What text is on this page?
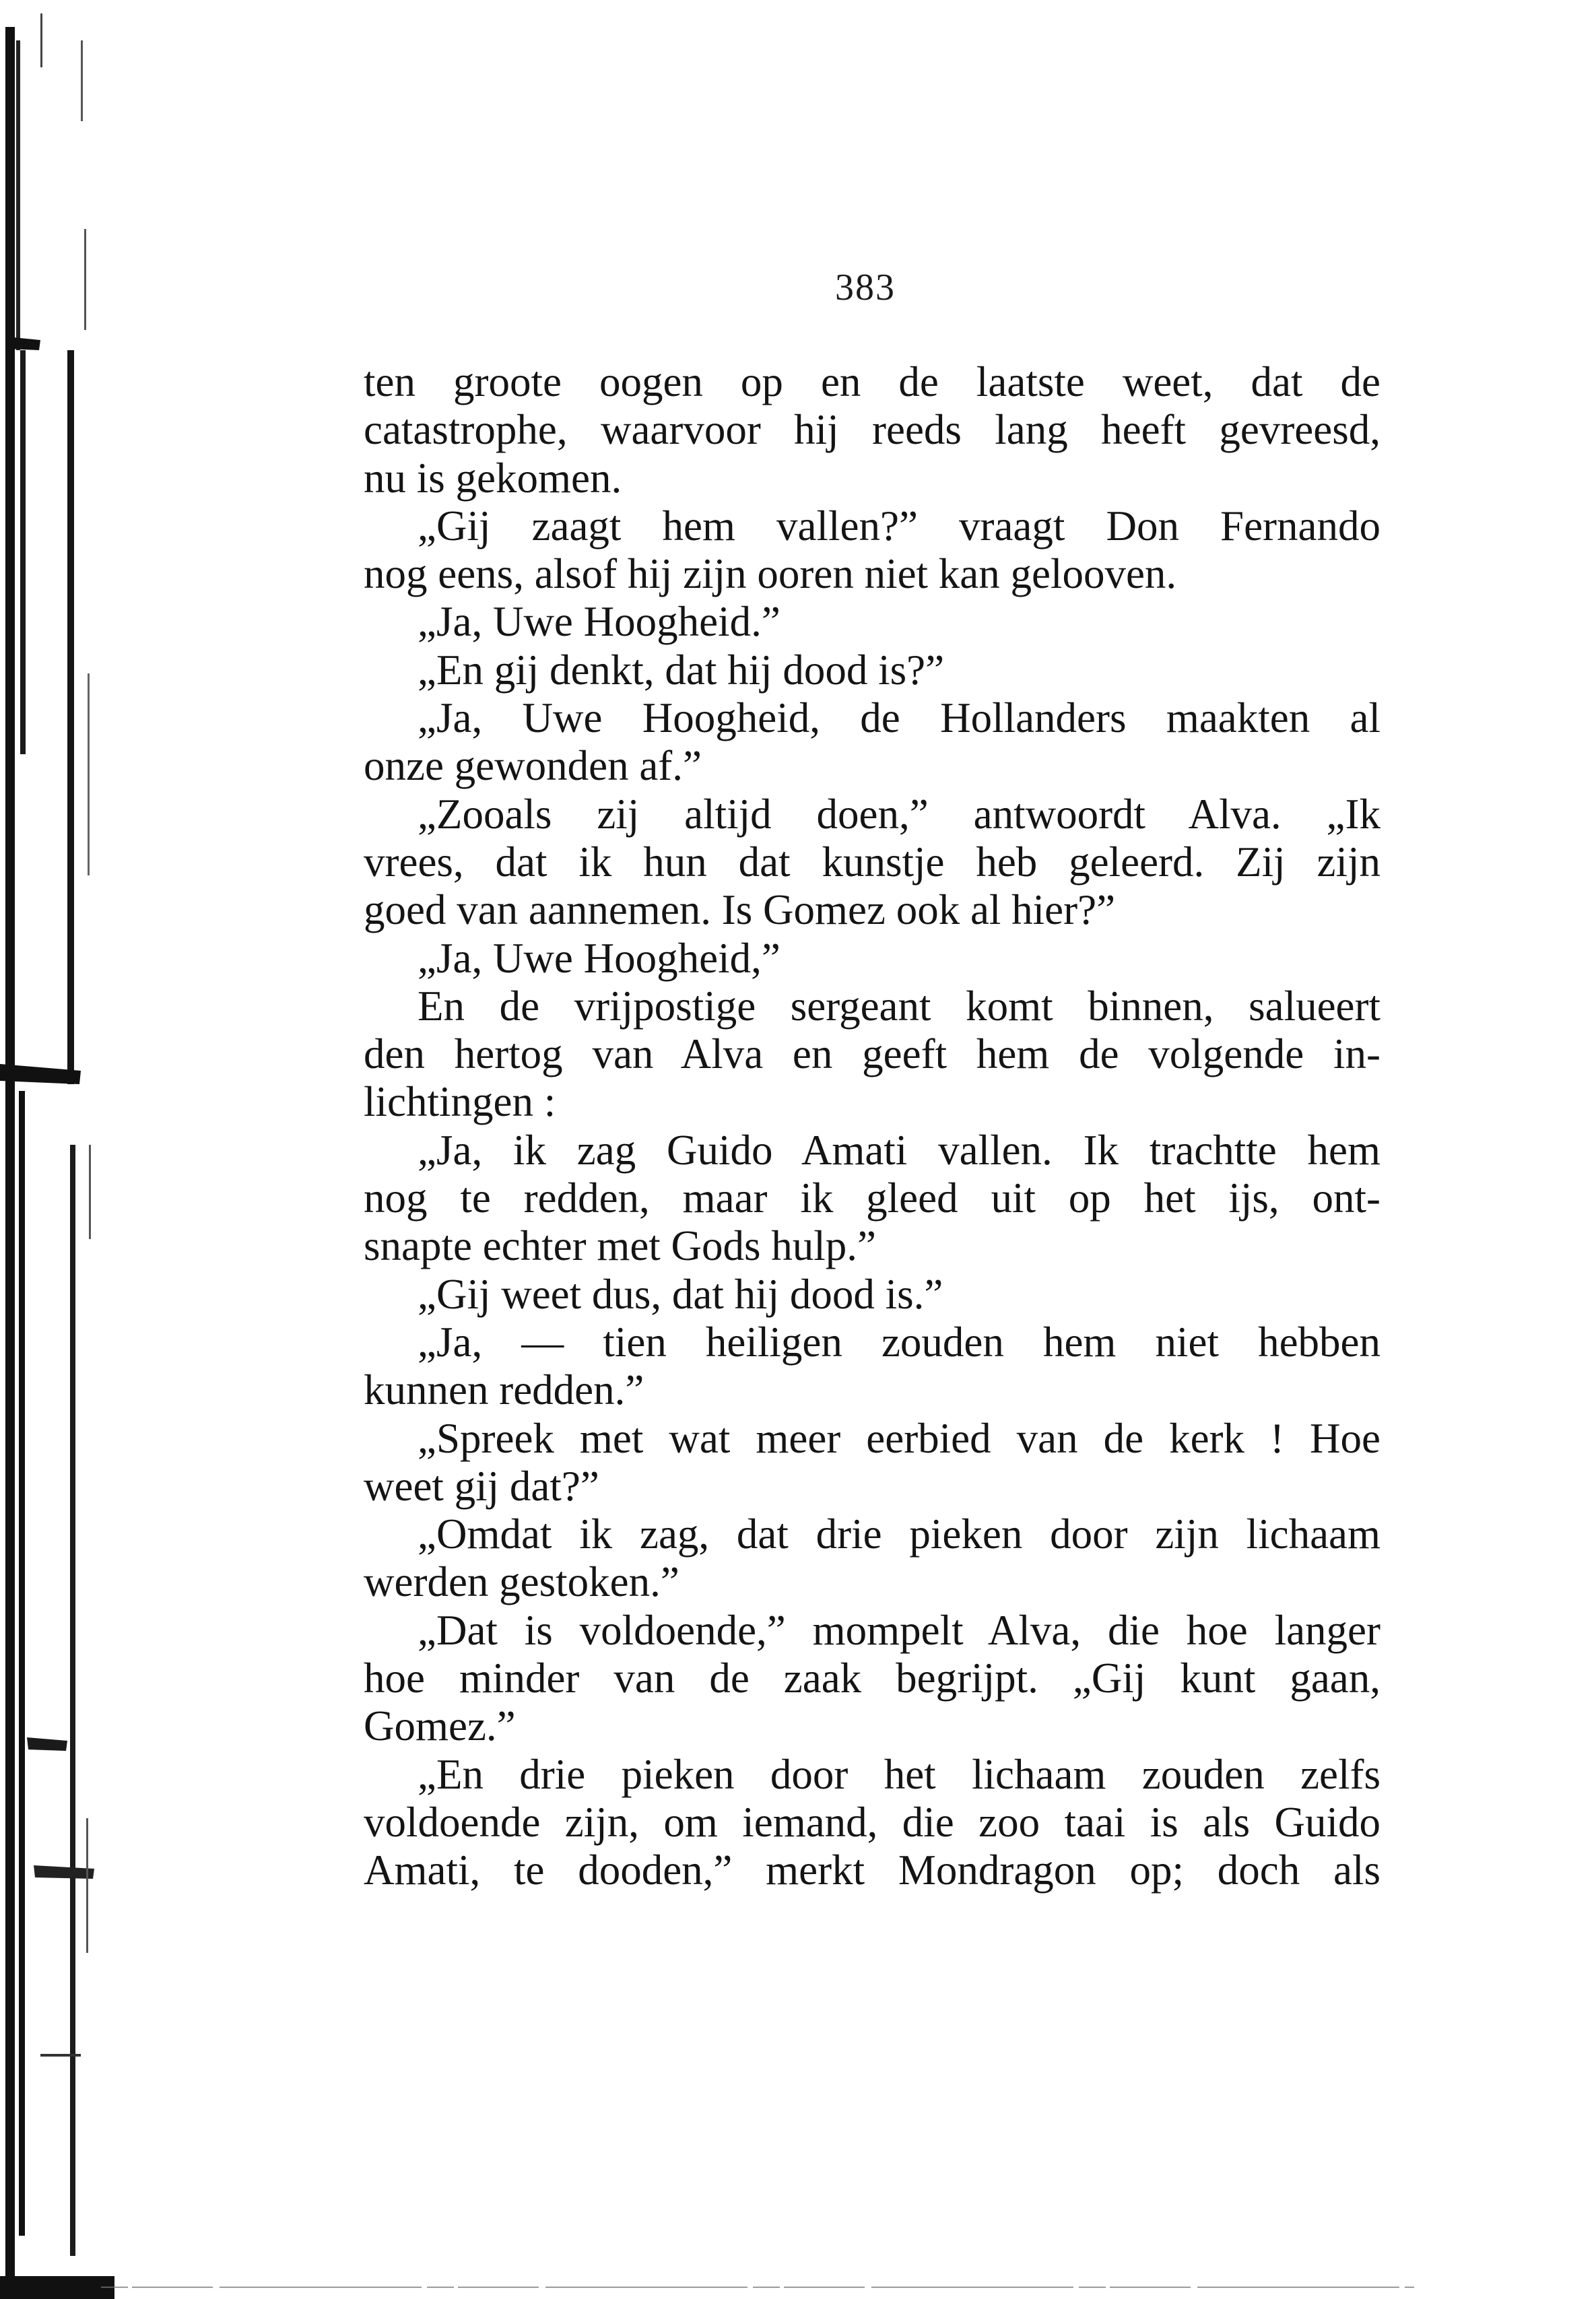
383
ten groote oogen op en de laatste weet, dat de
catastrophe, waarvoor hij reeds lang heeft gevreesd,
nu is gekomen.
„Gij zaagt hem vallen?” vraagt Don Fernando
nog eens, alsof hij zijn ooren niet kan gelooven.
„Ja, Uwe Hoogheid.”
„En gij denkt, dat hij dood is?”
„Ja, Uwe Hoogheid, de Hollanders maakten al
onze gewonden af.”
„Zooals zij altijd doen,” antwoordt Alva. „Ik
vrees, dat ik hun dat kunstje heb geleerd. Zij zijn
goed van aannemen. Is Gomez ook al hier?”
„Ja, Uwe Hoogheid,”
En de vrijpostige sergeant komt binnen, salueert
den hertog van Alva en geeft hem de volgende in-
lichtingen :
„Ja, ik zag Guido Amati vallen. Ik trachtte hem
nog te redden, maar ik gleed uit op het ijs, ont-
snapte echter met Gods hulp.”
„Gij weet dus, dat hij dood is.”
„Ja, — tien heiligen zouden hem niet hebben
kunnen redden.”
„Spreek met wat meer eerbied van de kerk ! Hoe
weet gij dat?”
„Omdat ik zag, dat drie pieken door zijn lichaam
werden gestoken.”
„Dat is voldoende,” mompelt Alva, die hoe langer
hoe minder van de zaak begrijpt. „Gij kunt gaan,
Gomez.”
„En drie pieken door het lichaam zouden zelfs
voldoende zijn, om iemand, die zoo taai is als Guido
Amati, te dooden,” merkt Mondragon op; doch als
